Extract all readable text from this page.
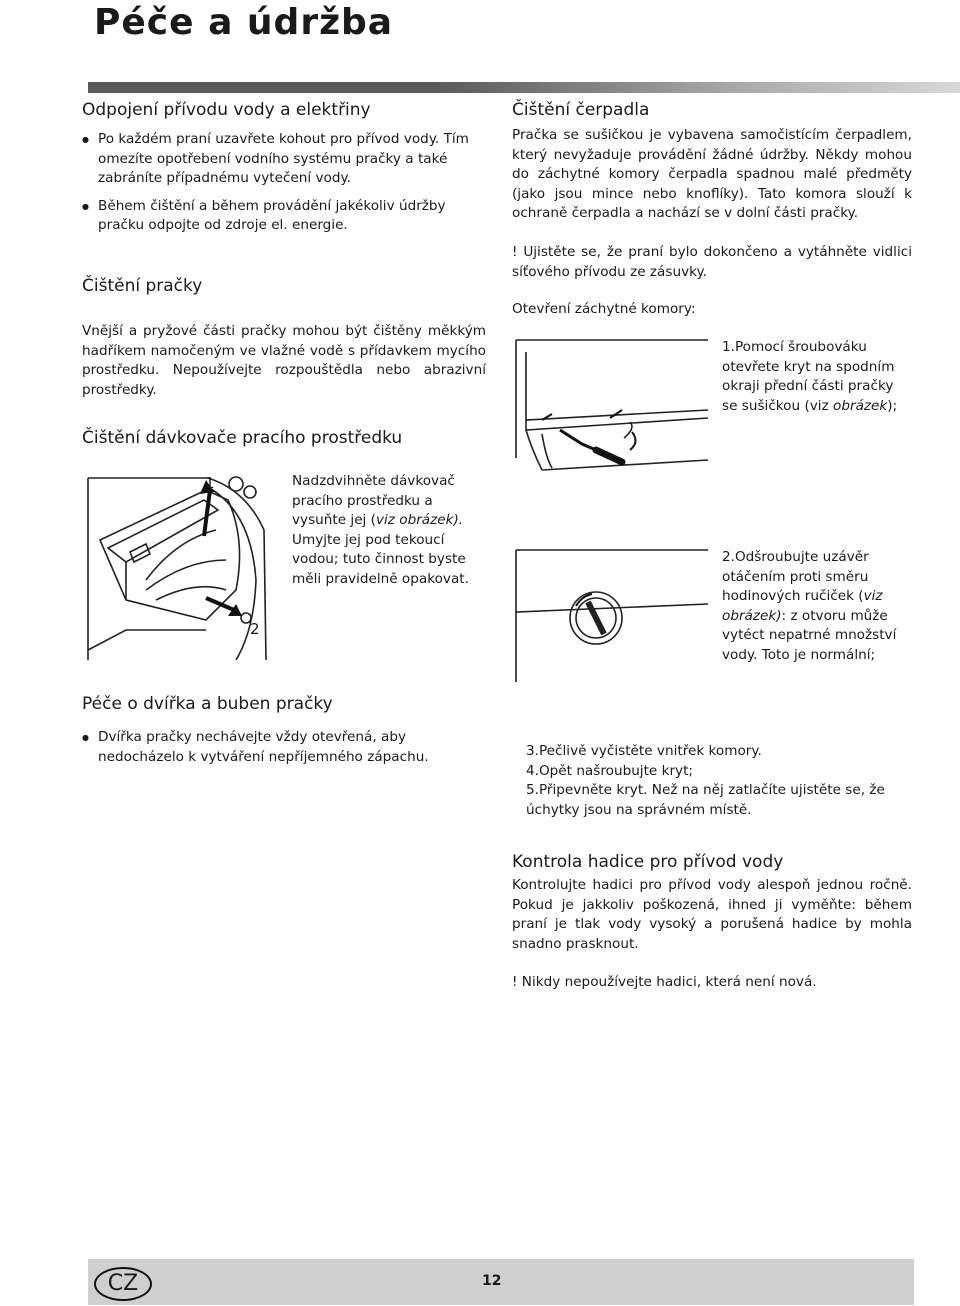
Péče a údržba
Odpojení přívodu vody a elektřiny
● Po každém praní uzavřete kohout pro přívod vody. Tím omezíte opotřebení vodního systému pračky a také zabráníte případnému vytečení vody.
● Během čištění a během provádění jakékoliv údržby pračku odpojte od zdroje el. energie.
Čištění pračky
Vnější a pryžové části pračky mohou být čištěny měkkým hadříkem namočeným ve vlažné vodě s přídavkem mycího prostředku. Nepoužívejte rozpouštědla nebo abrazivní prostředky.
Čištění dávkovače pracího prostředku
1
2
Nadzdvihněte dávkovač pracího prostředku a vysuňte jej (viz obrázek). Umyjte jej pod tekoucí vodou; tuto činnost byste měli pravidelně opakovat.
Péče o dvířka a buben pračky
● Dvířka pračky nechávejte vždy otevřená, aby nedocházelo k vytváření nepříjemného zápachu.
Čištění čerpadla
Pračka se sušičkou je vybavena samočistícím čerpadlem, který nevyžaduje provádění žádné údržby. Někdy mohou do záchytné komory čerpadla spadnou malé předměty (jako jsou mince nebo knoflíky). Tato komora slouží k ochraně čerpadla a nachází se v dolní části pračky.
! Ujistěte se, že praní bylo dokončeno a vytáhněte vidlici síťového přívodu ze zásuvky.
Otevření záchytné komory:
1.Pomocí šroubováku otevřete kryt na spodním okraji přední části pračky se sušičkou (viz obrázek);
2.Odšroubujte uzávěr otáčením proti směru hodinových ručiček (viz obrázek): z otvoru může vytéct nepatrné množství vody. Toto je normální;
3.Pečlivě vyčistěte vnitřek komory.
4.Opět našroubujte kryt;
5.Připevněte kryt. Než na něj zatlačíte ujistěte se, že úchytky jsou na správném místě.
Kontrola hadice pro přívod vody
Kontrolujte hadici pro přívod vody alespoň jednou ročně. Pokud je jakkoliv poškozená, ihned ji vyměňte: během praní je tlak vody vysoký a porušená hadice by mohla snadno prasknout.
! Nikdy nepoužívejte hadici, která není nová.
CZ	12
